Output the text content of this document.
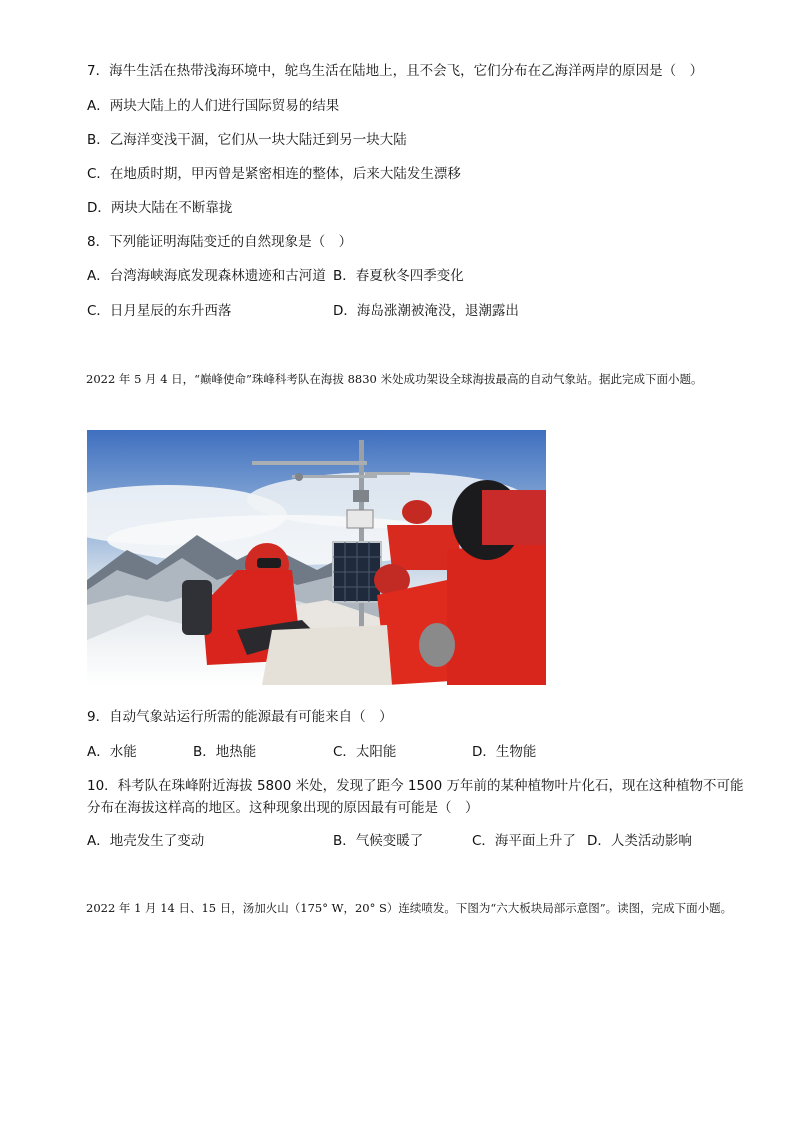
7．海牛生活在热带浅海环境中，鸵鸟生活在陆地上，且不会飞，它们分布在乙海洋两岸的原因是（　）
A．两块大陆上的人们进行国际贸易的结果
B．乙海洋变浅干涸，它们从一块大陆迁到另一块大陆
C．在地质时期，甲丙曾是紧密相连的整体，后来大陆发生漂移
D．两块大陆在不断靠拢
8．下列能证明海陆变迁的自然现象是（　）
A．台湾海峡海底发现森林遗迹和古河道 B．春夏秋冬四季变化
C．日月星辰的东升西落	D．海岛涨潮被淹没，退潮露出
2022 年 5 月 4 日，“巅峰使命”珠峰科考队在海拔 8830 米处成功架设全球海拔最高的自动气象站。据此完成下面小题。
9．自动气象站运行所需的能源最有可能来自（　）
A．水能	B．地热能	C．太阳能	D．生物能
10．科考队在珠峰附近海拔 5800 米处，发现了距今 1500 万年前的某种植物叶片化石，现在这种植物不可能
分布在海拔这样高的地区。这种现象出现的原因最有可能是（　）
A．地壳发生了变动	B．气候变暖了	C．海平面上升了 D．人类活动影响
2022 年 1 月 14 日、15 日，汤加火山（175° W，20° S）连续喷发。下图为“六大板块局部示意图”。读图，完成下面小题。
